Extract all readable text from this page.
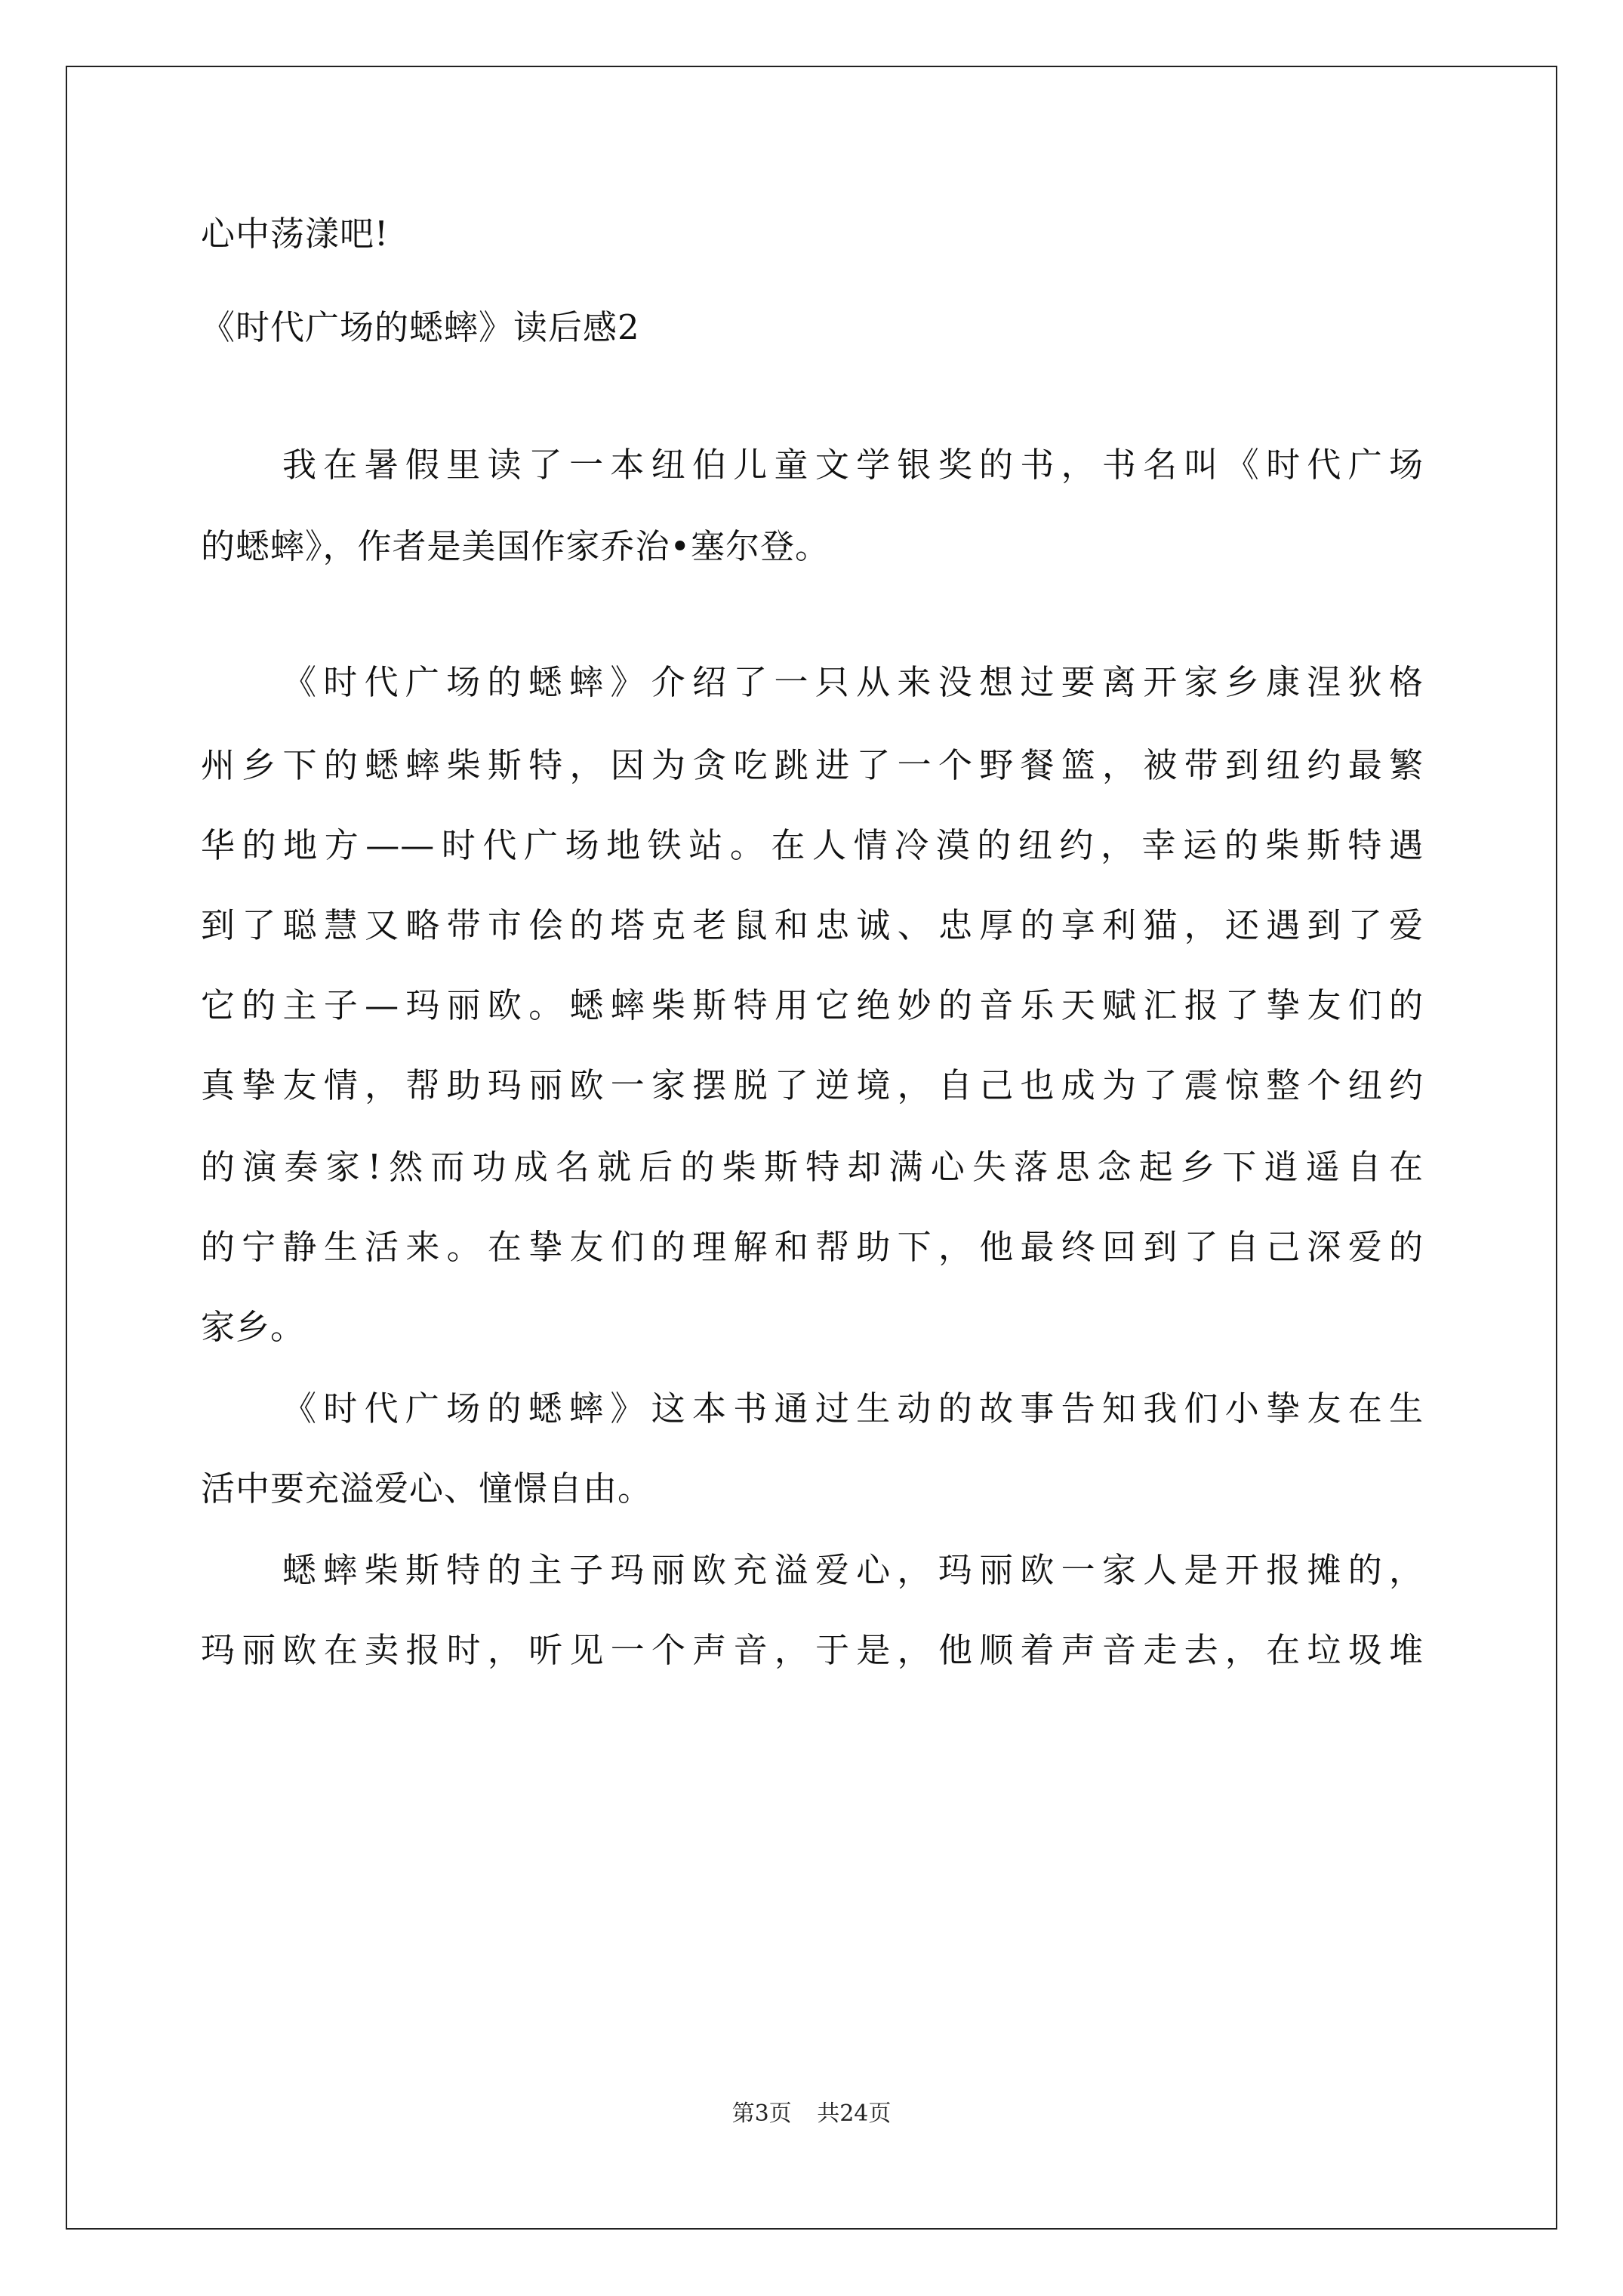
心中荡漾吧!
《时代广场的蟋蟀》读后感2
我在暑假里读了一本纽伯儿童文学银奖的书，书名叫《时代广场
的蟋蟀》，作者是美国作家乔治•塞尔登。
《时代广场的蟋蟀》介绍了一只从来没想过要离开家乡康涅狄格
州乡下的蟋蟀柴斯特，因为贪吃跳进了一个野餐篮，被带到纽约最繁
华的地方——时代广场地铁站。在人情冷漠的纽约，幸运的柴斯特遇
到了聪慧又略带市侩的塔克老鼠和忠诚、忠厚的享利猫，还遇到了爱
它的主子—玛丽欧。蟋蟀柴斯特用它绝妙的音乐天赋汇报了挚友们的
真挚友情，帮助玛丽欧一家摆脱了逆境，自己也成为了震惊整个纽约
的演奏家!然而功成名就后的柴斯特却满心失落思念起乡下逍遥自在
的宁静生活来。在挚友们的理解和帮助下，他最终回到了自己深爱的
家乡。
《时代广场的蟋蟀》这本书通过生动的故事告知我们小挚友在生
活中要充溢爱心、憧憬自由。
蟋蟀柴斯特的主子玛丽欧充溢爱心，玛丽欧一家人是开报摊的，
玛丽欧在卖报时，听见一个声音，于是，他顺着声音走去，在垃圾堆
第3页 共24页
